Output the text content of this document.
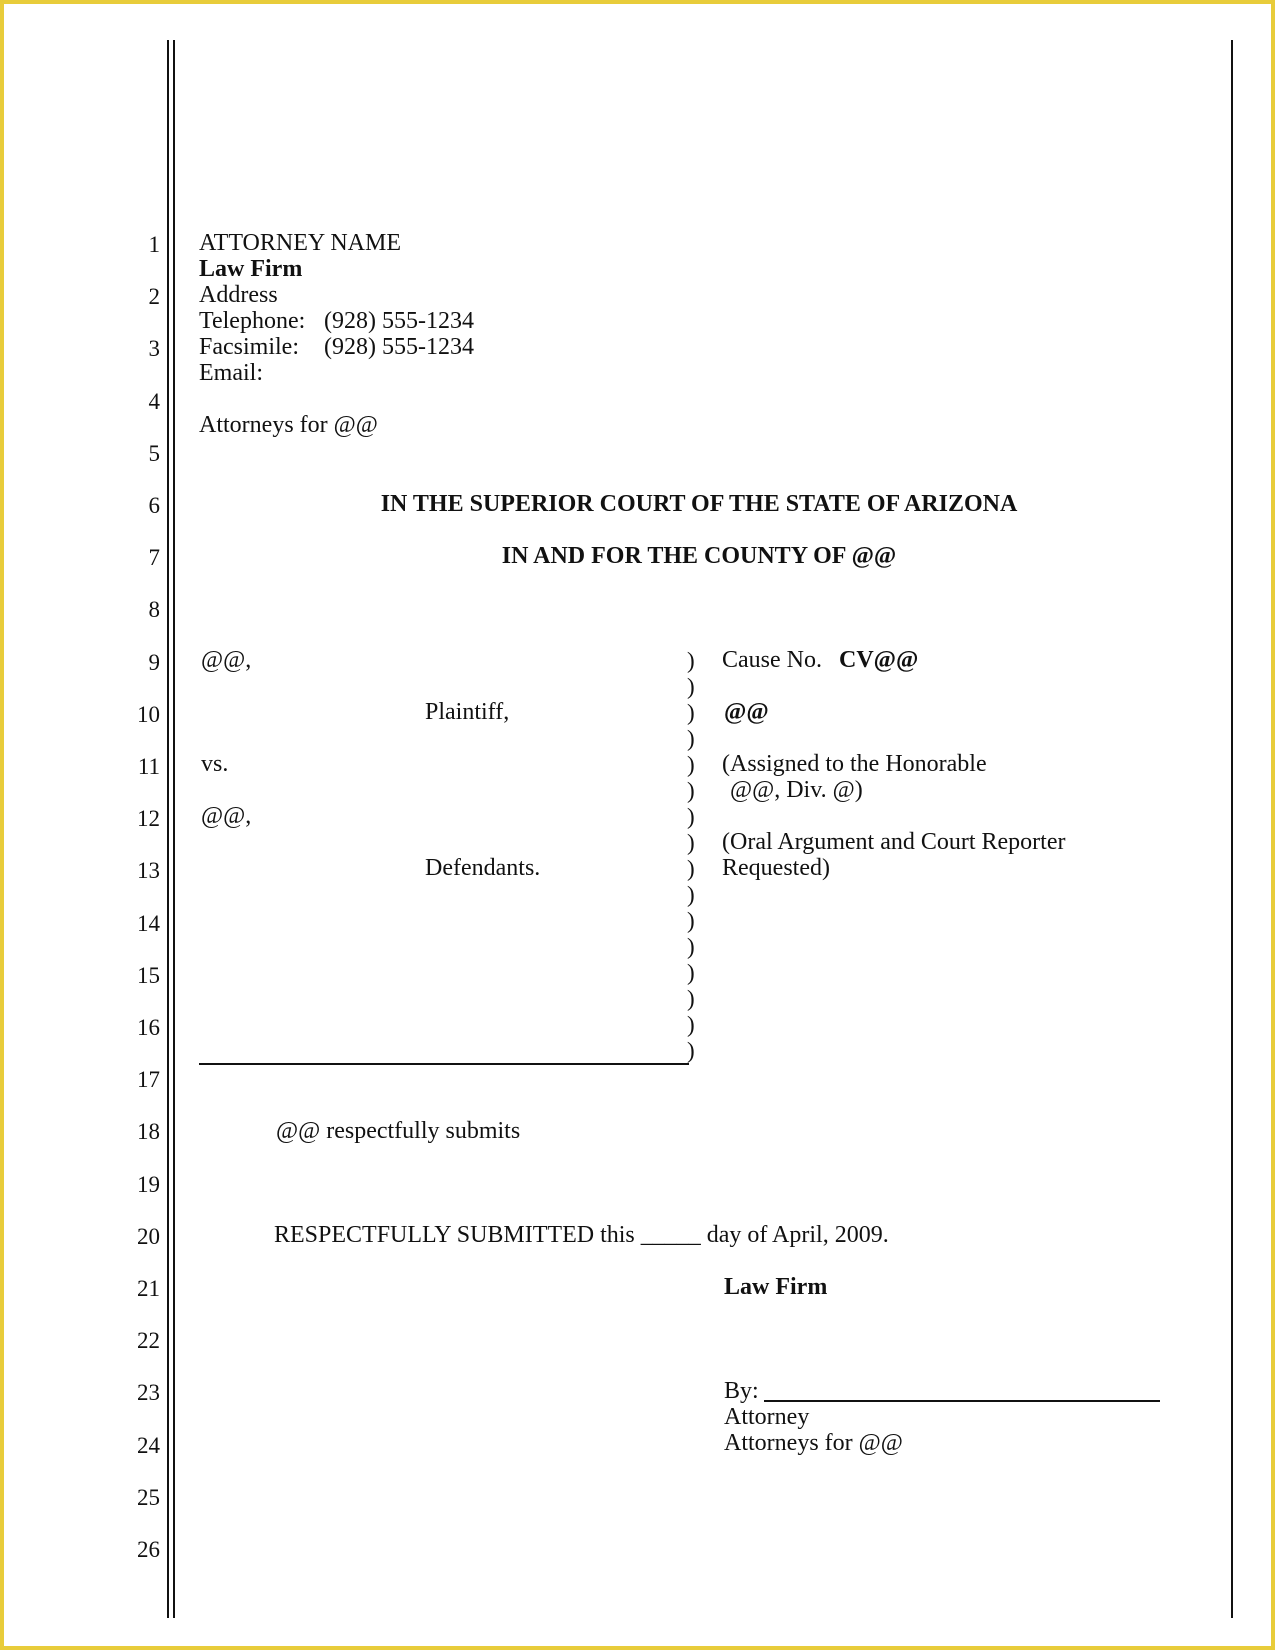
1
2
3
4
5
6
7
8
9
10
11
12
13
14
15
16
17
18
19
20
21
22
23
24
25
26
ATTORNEY NAME
Law Firm
Address
Telephone: (928) 555-1234
Facsimile: (928) 555-1234
Email:
Attorneys for @@
IN THE SUPERIOR COURT OF THE STATE OF ARIZONA
IN AND FOR THE COUNTY OF @@
@@,
Plaintiff,
vs.
@@,
Defendants.
)
)
)
)
)
)
)
)
)
)
)
)
)
)
)
)
Cause No. CV@@
@@
(Assigned to the Honorable
@@, Div. @)
(Oral Argument and Court Reporter
Requested)
@@ respectfully submits
RESPECTFULLY SUBMITTED this _____ day of April, 2009.
Law Firm
By:
Attorney
Attorneys for @@
